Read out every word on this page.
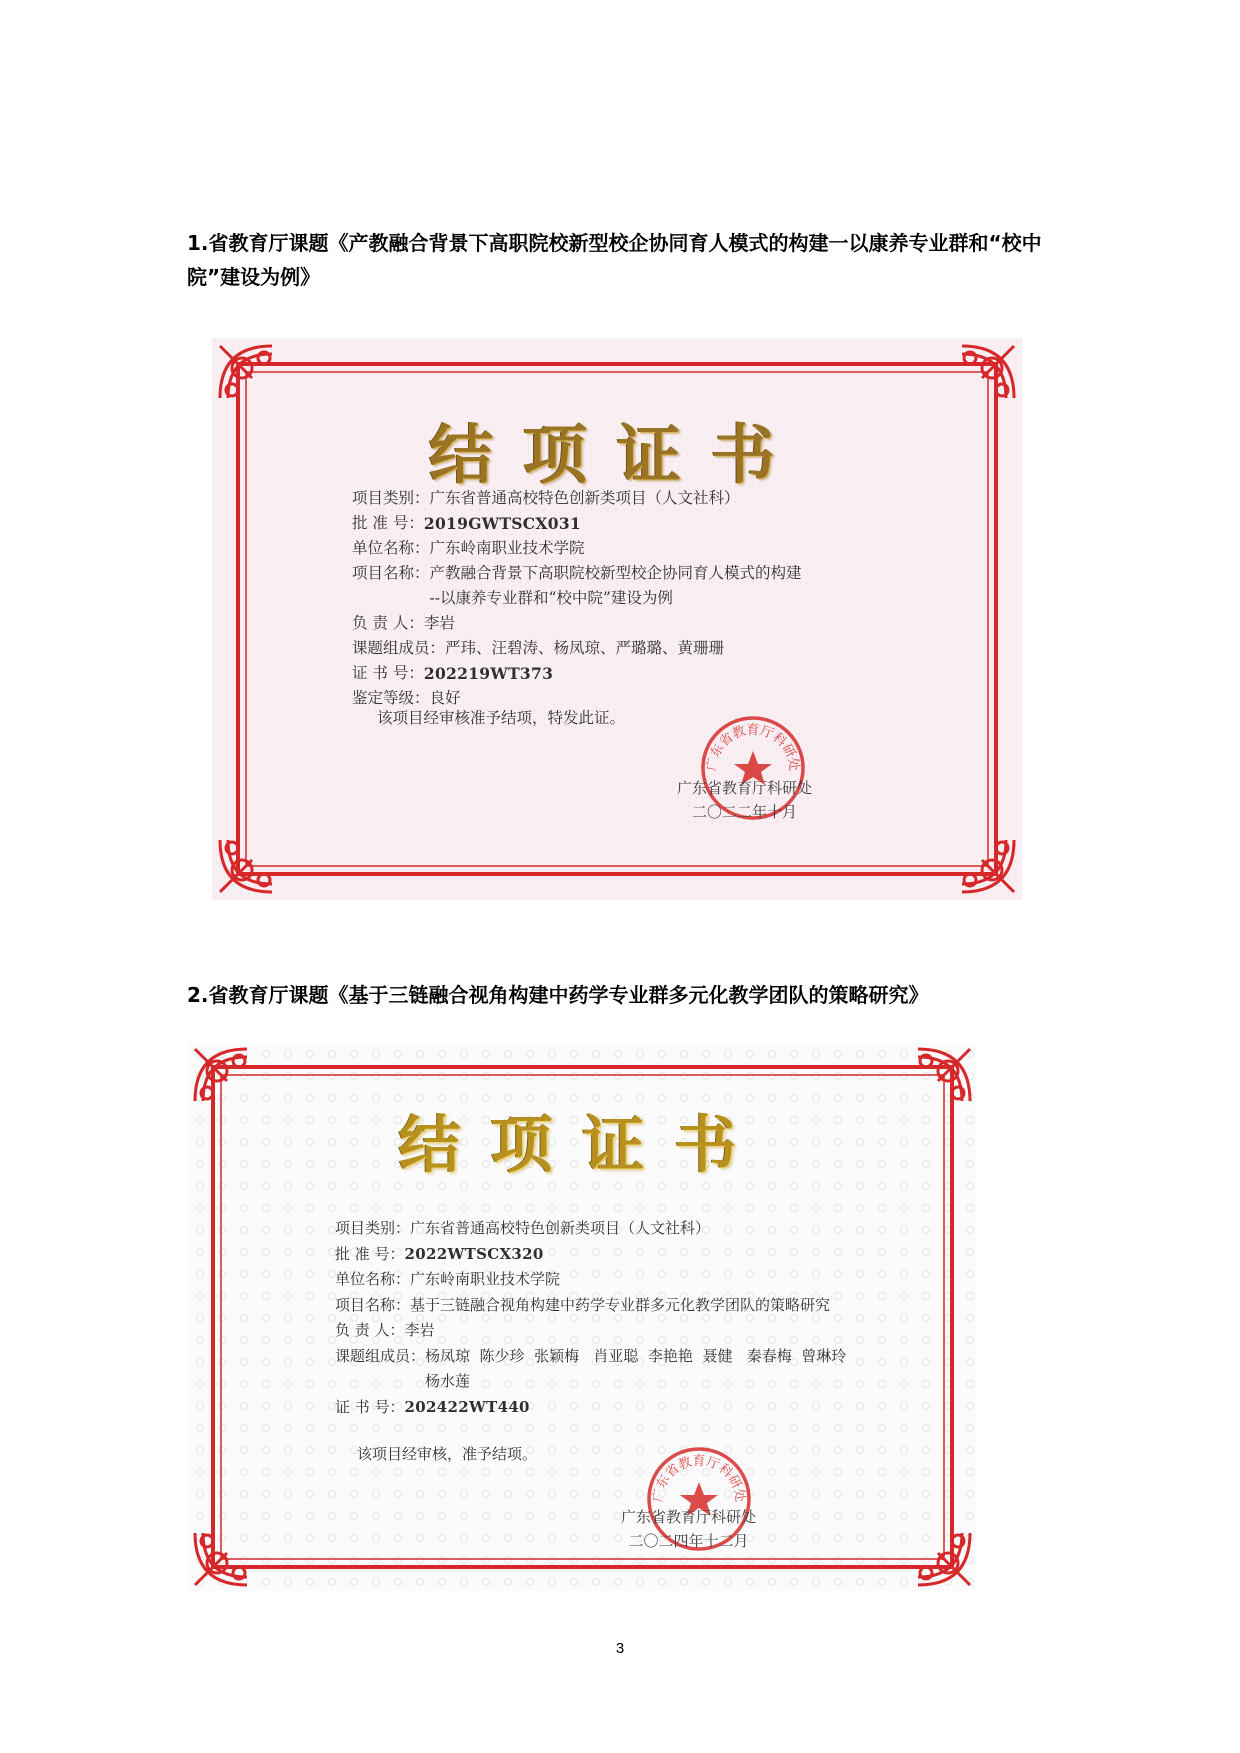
1.省教育厅课题《产教融合背景下高职院校新型校企协同育人模式的构建一以康养专业群和“校中院”建设为例》
结项证书
项目类别： 广东省普通高校特色创新类项目（人文社科）
批 准 号： 2019GWTSCX031
单位名称： 广东岭南职业技术学院
项目名称： 产教融合背景下高职院校新型校企协同育人模式的构建
--以康养专业群和“校中院”建设为例
负 责 人： 李岩
课题组成员： 严玮、汪碧涛、杨凤琼、严璐璐、黄珊珊
证 书 号： 202219WT373
鉴定等级： 良好
该项目经审核准予结项，特发此证。
广东省教育厅科研处
广东省教育厅科研处
二〇二二年十月
2.省教育厅课题《基于三链融合视角构建中药学专业群多元化教学团队的策略研究》
结项证书
项目类别： 广东省普通高校特色创新类项目（人文社科）
批 准 号： 2022WTSCX320
单位名称： 广东岭南职业技术学院
项目名称： 基于三链融合视角构建中药学专业群多元化教学团队的策略研究
负 责 人： 李岩
课题组成员： 杨凤琼  陈少珍  张颖梅   肖亚聪  李艳艳  聂健   秦春梅  曾琳玲
杨水莲
证 书 号： 202422WT440
该项目经审核，准予结项。
广东省教育厅科研处
广东省教育厅科研处
二〇二四年十二月
3
